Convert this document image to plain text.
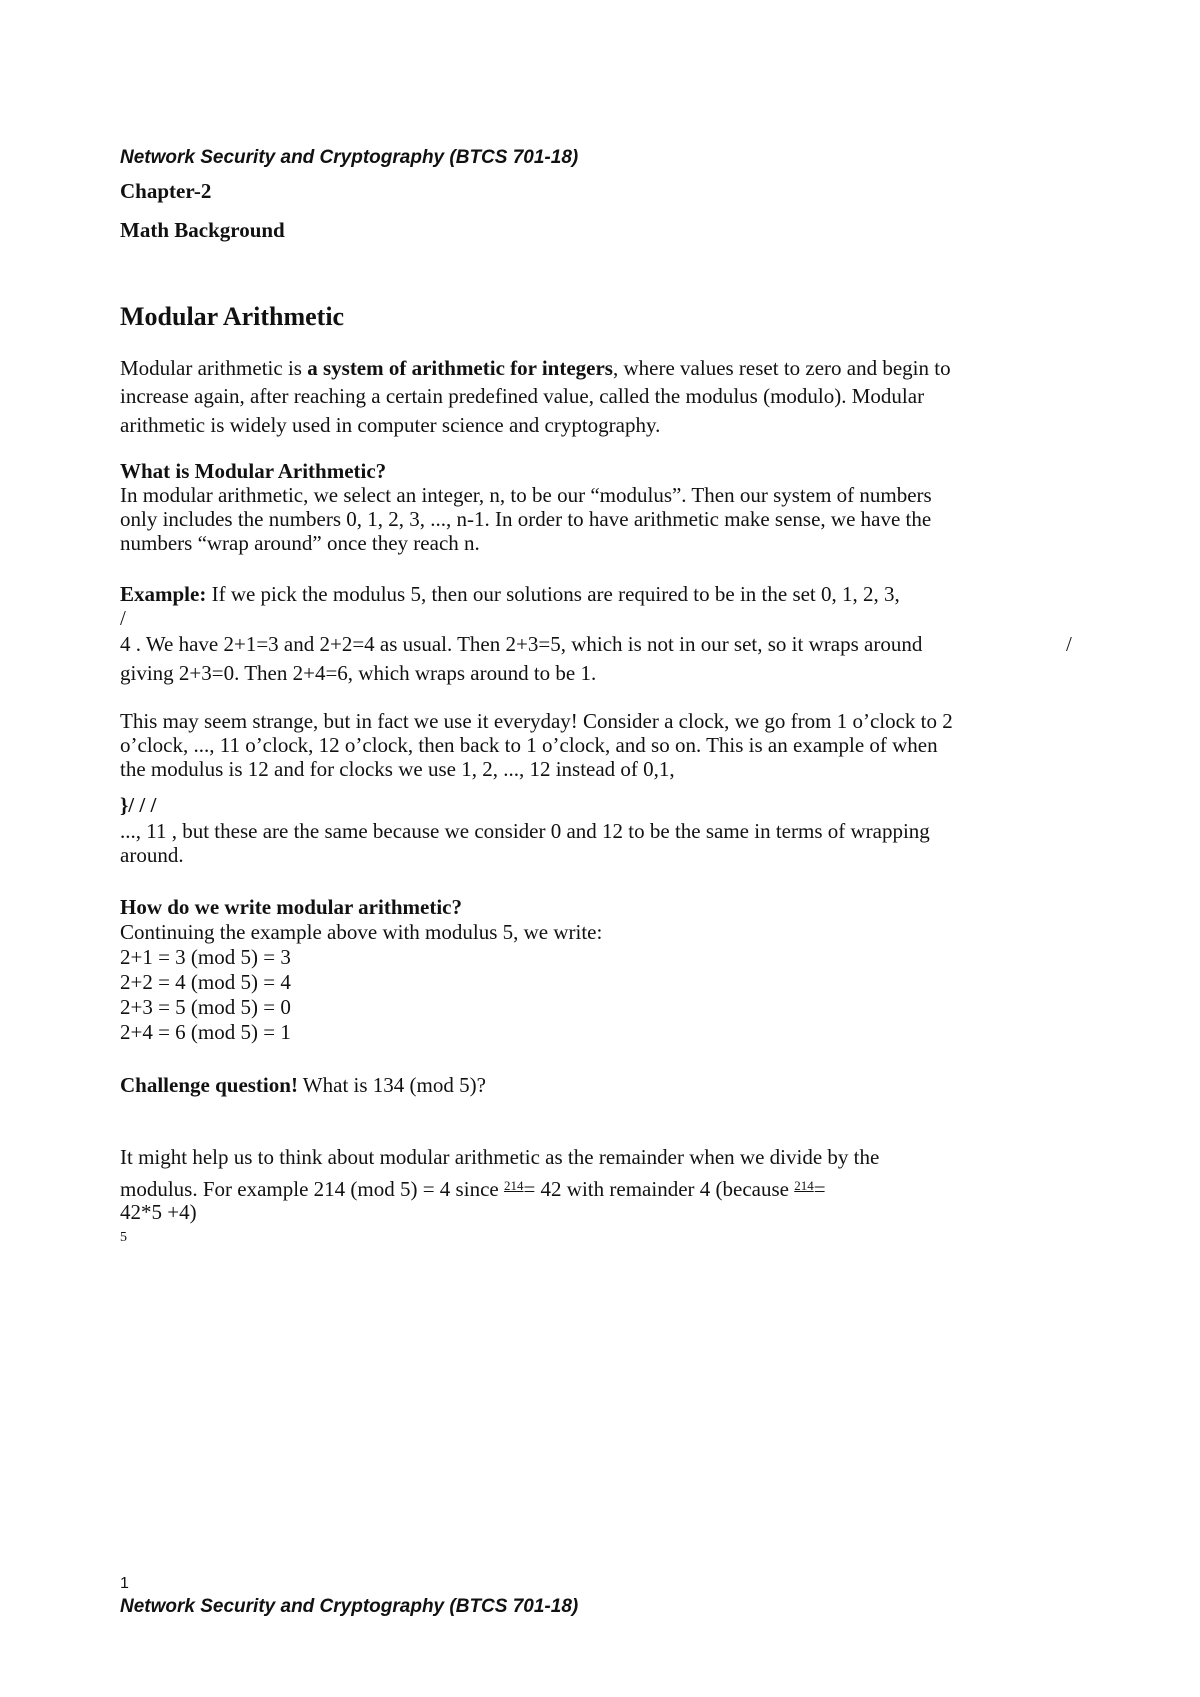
Network Security and Cryptography (BTCS 701-18)
Chapter-2
Math Background
Modular Arithmetic
Modular arithmetic is a system of arithmetic for integers, where values reset to zero and begin to
increase again, after reaching a certain predefined value, called the modulus (modulo). Modular
arithmetic is widely used in computer science and cryptography.
What is Modular Arithmetic?
In modular arithmetic, we select an integer, n, to be our “modulus”. Then our system of numbers
only includes the numbers 0, 1, 2, 3, ..., n-1. In order to have arithmetic make sense, we have the
numbers “wrap around” once they reach n.
Example: If we pick the modulus 5, then our solutions are required to be in the set 0, 1, 2, 3,
/
4 . We have 2+1=3 and 2+2=4 as usual. Then 2+3=5, which is not in our set, so it wraps around	/
giving 2+3=0. Then 2+4=6, which wraps around to be 1.
This may seem strange, but in fact we use it everyday! Consider a clock, we go from 1 o’clock to 2
o’clock, ..., 11 o’clock, 12 o’clock, then back to 1 o’clock, and so on. This is an example of when
the modulus is 12 and for clocks we use 1, 2, ..., 12 instead of 0,1,
}/ / /
..., 11 , but these are the same because we consider 0 and 12 to be the same in terms of wrapping
around.
How do we write modular arithmetic?
Continuing the example above with modulus 5, we write:
2+1 = 3 (mod 5) = 3
2+2 = 4 (mod 5) = 4
2+3 = 5 (mod 5) = 0
2+4 = 6 (mod 5) = 1
Challenge question! What is 134 (mod 5)?
It might help us to think about modular arithmetic as the remainder when we divide by the
modulus. For example 214 (mod 5) = 4 since $^{214}$= 42 with remainder 4 (because $^{214}$=
42*5 +4)
5
1
Network Security and Cryptography (BTCS 701-18)
